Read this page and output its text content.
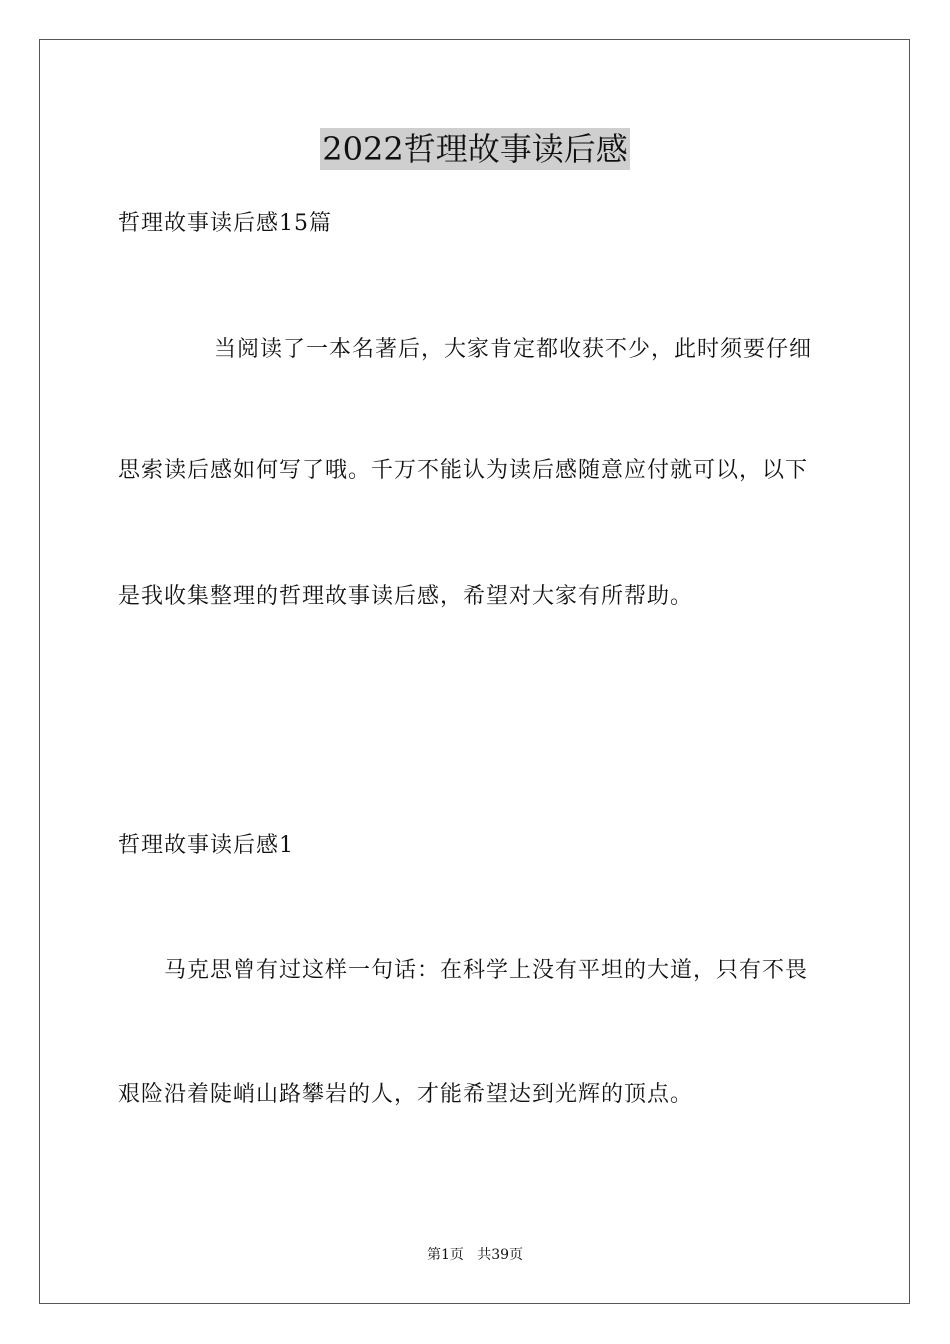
2022哲理故事读后感
哲理故事读后感15篇
当阅读了一本名著后，大家肯定都收获不少，此时须要仔细
思索读后感如何写了哦。千万不能认为读后感随意应付就可以，以下
是我收集整理的哲理故事读后感，希望对大家有所帮助。
哲理故事读后感1
马克思曾有过这样一句话：在科学上没有平坦的大道，只有不畏
艰险沿着陡峭山路攀岩的人，才能希望达到光辉的顶点。
第1页   共39页
